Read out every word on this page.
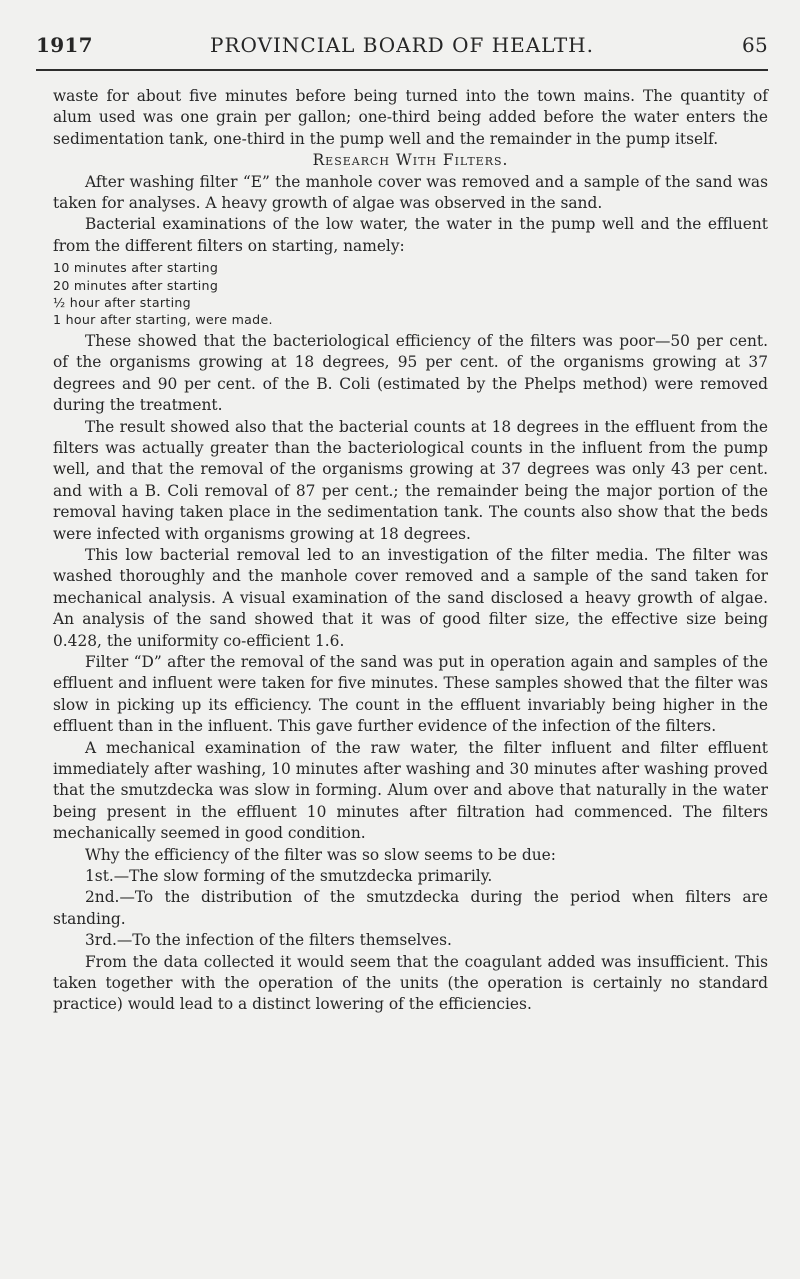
1917	PROVINCIAL BOARD OF HEALTH.	65

waste for about five minutes before being turned into the town mains. The quantity of alum used was one grain per gallon; one-third being added before the water enters the sedimentation tank, one-third in the pump well and the remainder in the pump itself.

Research With Filters.

After washing filter “E” the manhole cover was removed and a sample of the sand was taken for analyses. A heavy growth of algae was observed in the sand.

Bacterial examinations of the low water, the water in the pump well and the effluent from the different filters on starting, namely:

10 minutes after starting
20 minutes after starting
½ hour after starting
1 hour after starting, were made.

These showed that the bacteriological efficiency of the filters was poor—50 per cent. of the organisms growing at 18 degrees, 95 per cent. of the organisms growing at 37 degrees and 90 per cent. of the B. Coli (estimated by the Phelps method) were removed during the treatment.

The result showed also that the bacterial counts at 18 degrees in the effluent from the filters was actually greater than the bacteriological counts in the influent from the pump well, and that the removal of the organisms growing at 37 degrees was only 43 per cent. and with a B. Coli removal of 87 per cent.; the remainder being the major portion of the removal having taken place in the sedimentation tank. The counts also show that the beds were infected with organisms growing at 18 degrees.

This low bacterial removal led to an investigation of the filter media. The filter was washed thoroughly and the manhole cover removed and a sample of the sand taken for mechanical analysis. A visual examination of the sand disclosed a heavy growth of algae. An analysis of the sand showed that it was of good filter size, the effective size being 0.428, the uniformity co-efficient 1.6.

Filter “D” after the removal of the sand was put in operation again and samples of the effluent and influent were taken for five minutes. These samples showed that the filter was slow in picking up its efficiency. The count in the effluent invariably being higher in the effluent than in the influent. This gave further evidence of the infection of the filters.

A mechanical examination of the raw water, the filter influent and filter effluent immediately after washing, 10 minutes after washing and 30 minutes after washing proved that the smutzdecka was slow in forming. Alum over and above that naturally in the water being present in the effluent 10 minutes after filtration had commenced. The filters mechanically seemed in good condition.

Why the efficiency of the filter was so slow seems to be due:

1st.—The slow forming of the smutzdecka primarily.

2nd.—To the distribution of the smutzdecka during the period when filters are standing.

3rd.—To the infection of the filters themselves.

From the data collected it would seem that the coagulant added was insufficient. This taken together with the operation of the units (the operation is certainly no standard practice) would lead to a distinct lowering of the efficiencies.
